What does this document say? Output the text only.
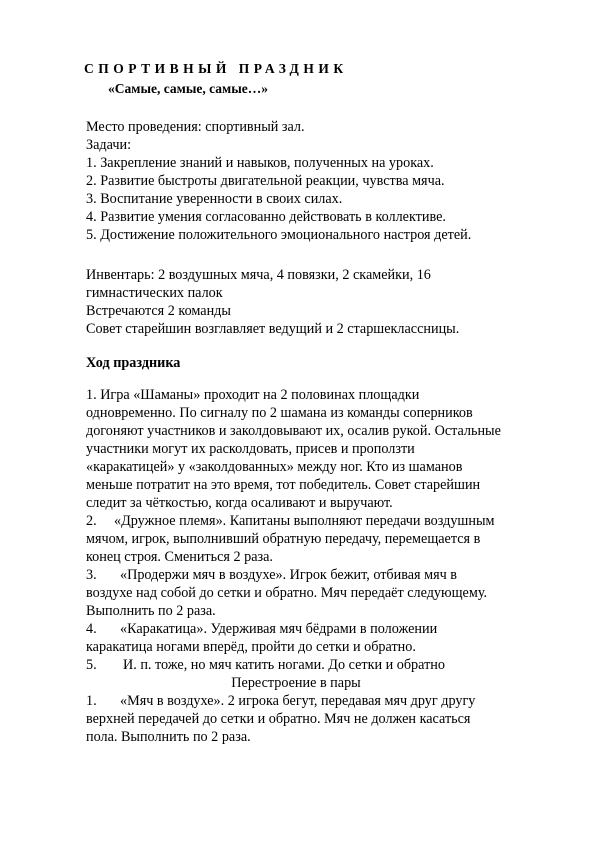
СПОРТИВНЫЙ ПРАЗДНИК
«Самые, самые, самые…»
Место проведения: спортивный зал.
Задачи:
1. Закрепление знаний и навыков, полученных на уроках.
2. Развитие быстроты двигательной реакции, чувства мяча.
3. Воспитание уверенности в своих силах.
4. Развитие умения согласованно действовать в коллективе.
5. Достижение положительного эмоционального настроя детей.
Инвентарь: 2 воздушных мяча, 4 повязки, 2 скамейки, 16
гимнастических палок
Встречаются 2 команды
Совет старейшин возглавляет ведущий и 2 старшеклассницы.
Ход праздника
1. Игра «Шаманы» проходит на 2 половинах площадки
одновременно. По сигналу по 2 шамана из команды соперников
догоняют участников и заколдовывают их, осалив рукой. Остальные
участники могут их расколдовать, присев и проползти
«каракатицей» у «заколдованных» между ног. Кто из шаманов
меньше потратит на это время, тот победитель. Совет старейшин
следит за чёткостью, когда осаливают и выручают.
2. «Дружное племя». Капитаны выполняют передачи воздушным
мячом, игрок, выполнивший обратную передачу, перемещается в
конец строя. Смениться 2 раза.
3. «Продержи мяч в воздухе». Игрок бежит, отбивая мяч в
воздухе над собой до сетки и обратно. Мяч передаёт следующему.
Выполнить по 2 раза.
4. «Каракатица». Удерживая мяч бёдрами в положении
каракатица ногами вперёд, пройти до сетки и обратно.
5. И. п. тоже, но мяч катить ногами. До сетки и обратно
Перестроение в пары
1. «Мяч в воздухе». 2 игрока бегут, передавая мяч друг другу
верхней передачей до сетки и обратно. Мяч не должен касаться
пола. Выполнить по 2 раза.
